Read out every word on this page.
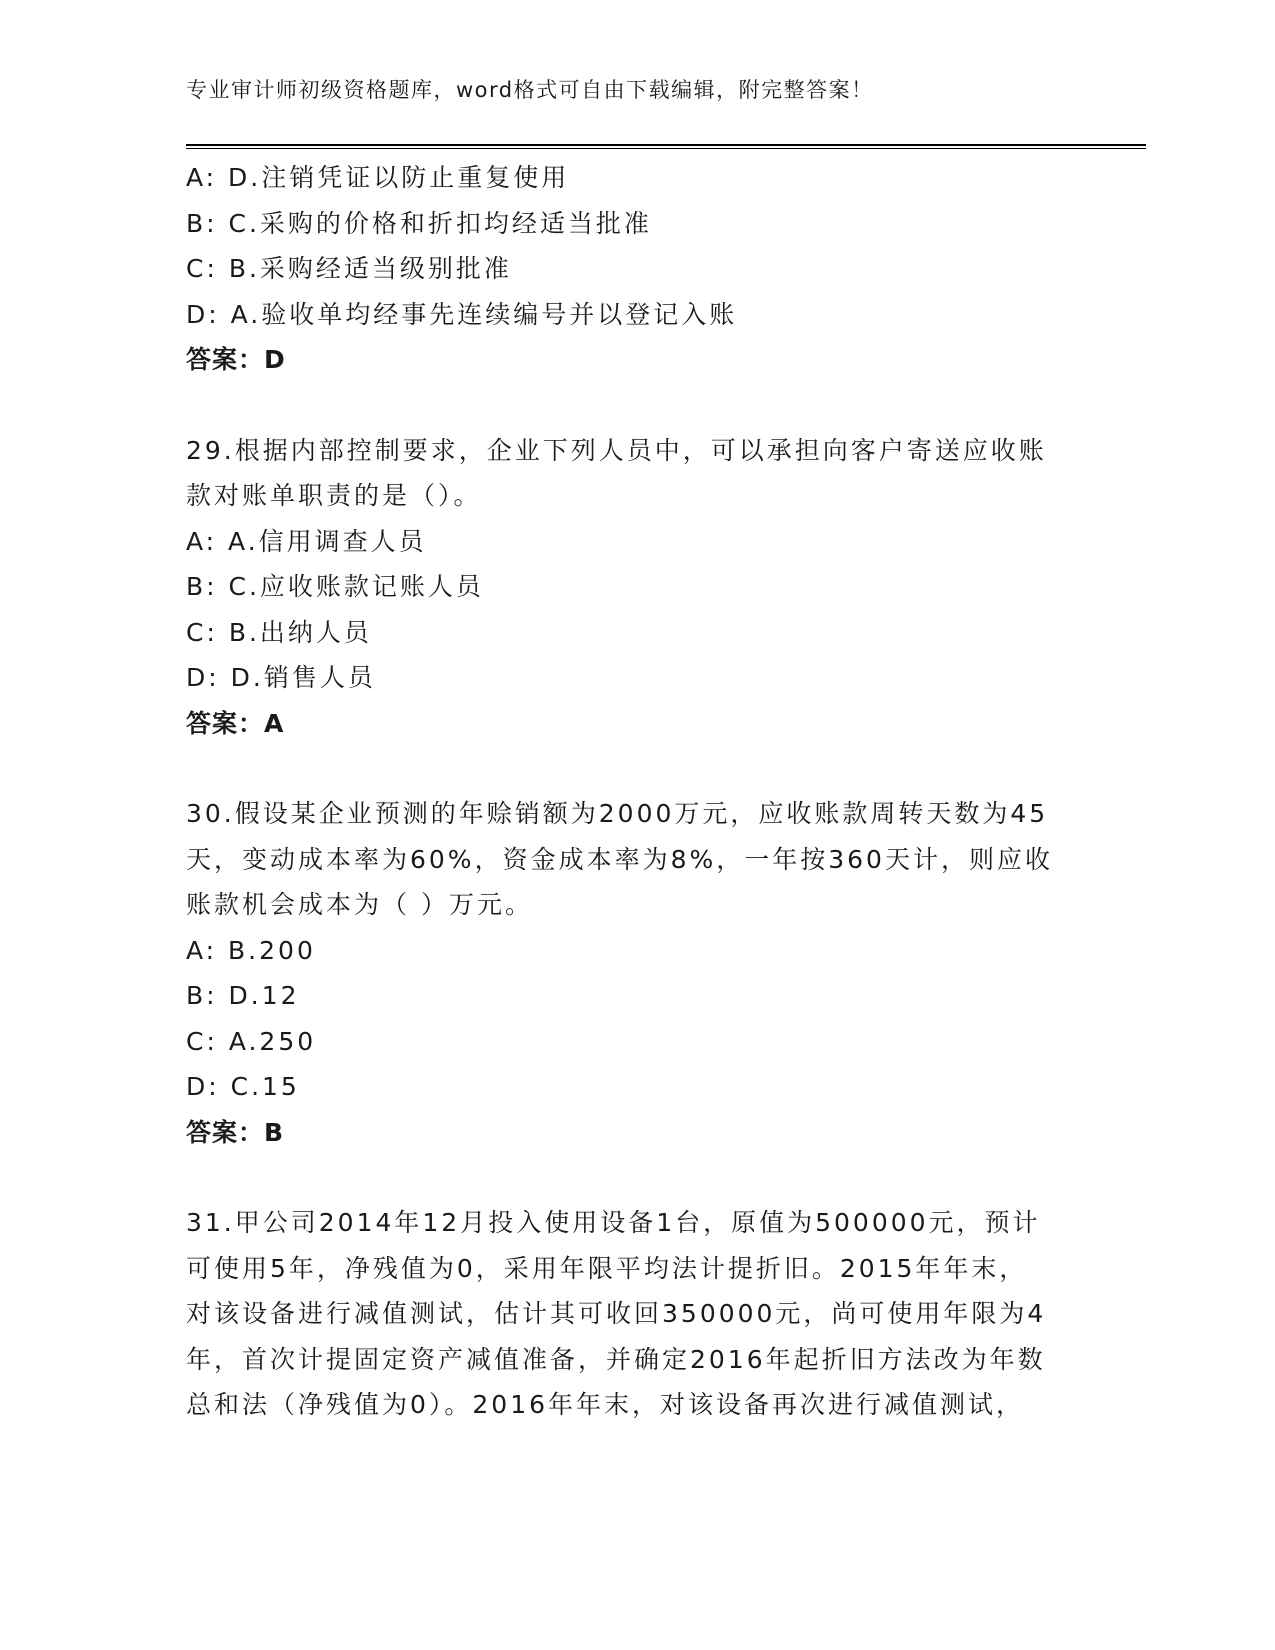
专业审计师初级资格题库，word格式可自由下载编辑，附完整答案！
A: D.注销凭证以防止重复使用
B: C.采购的价格和折扣均经适当批准
C: B.采购经适当级别批准
D: A.验收单均经事先连续编号并以登记入账
答案：D
29.根据内部控制要求，企业下列人员中，可以承担向客户寄送应收账
款对账单职责的是（）。
A: A.信用调查人员
B: C.应收账款记账人员
C: B.出纳人员
D: D.销售人员
答案：A
30.假设某企业预测的年赊销额为2000万元，应收账款周转天数为45
天，变动成本率为60%，资金成本率为8%，一年按360天计，则应收
账款机会成本为（ ）万元。
A: B.200
B: D.12
C: A.250
D: C.15
答案：B
31.甲公司2014年12月投入使用设备1台，原值为500000元，预计
可使用5年，净残值为0，采用年限平均法计提折旧。2015年年末，
对该设备进行减值测试，估计其可收回350000元，尚可使用年限为4
年，首次计提固定资产减值准备，并确定2016年起折旧方法改为年数
总和法（净残值为0）。2016年年末，对该设备再次进行减值测试，
